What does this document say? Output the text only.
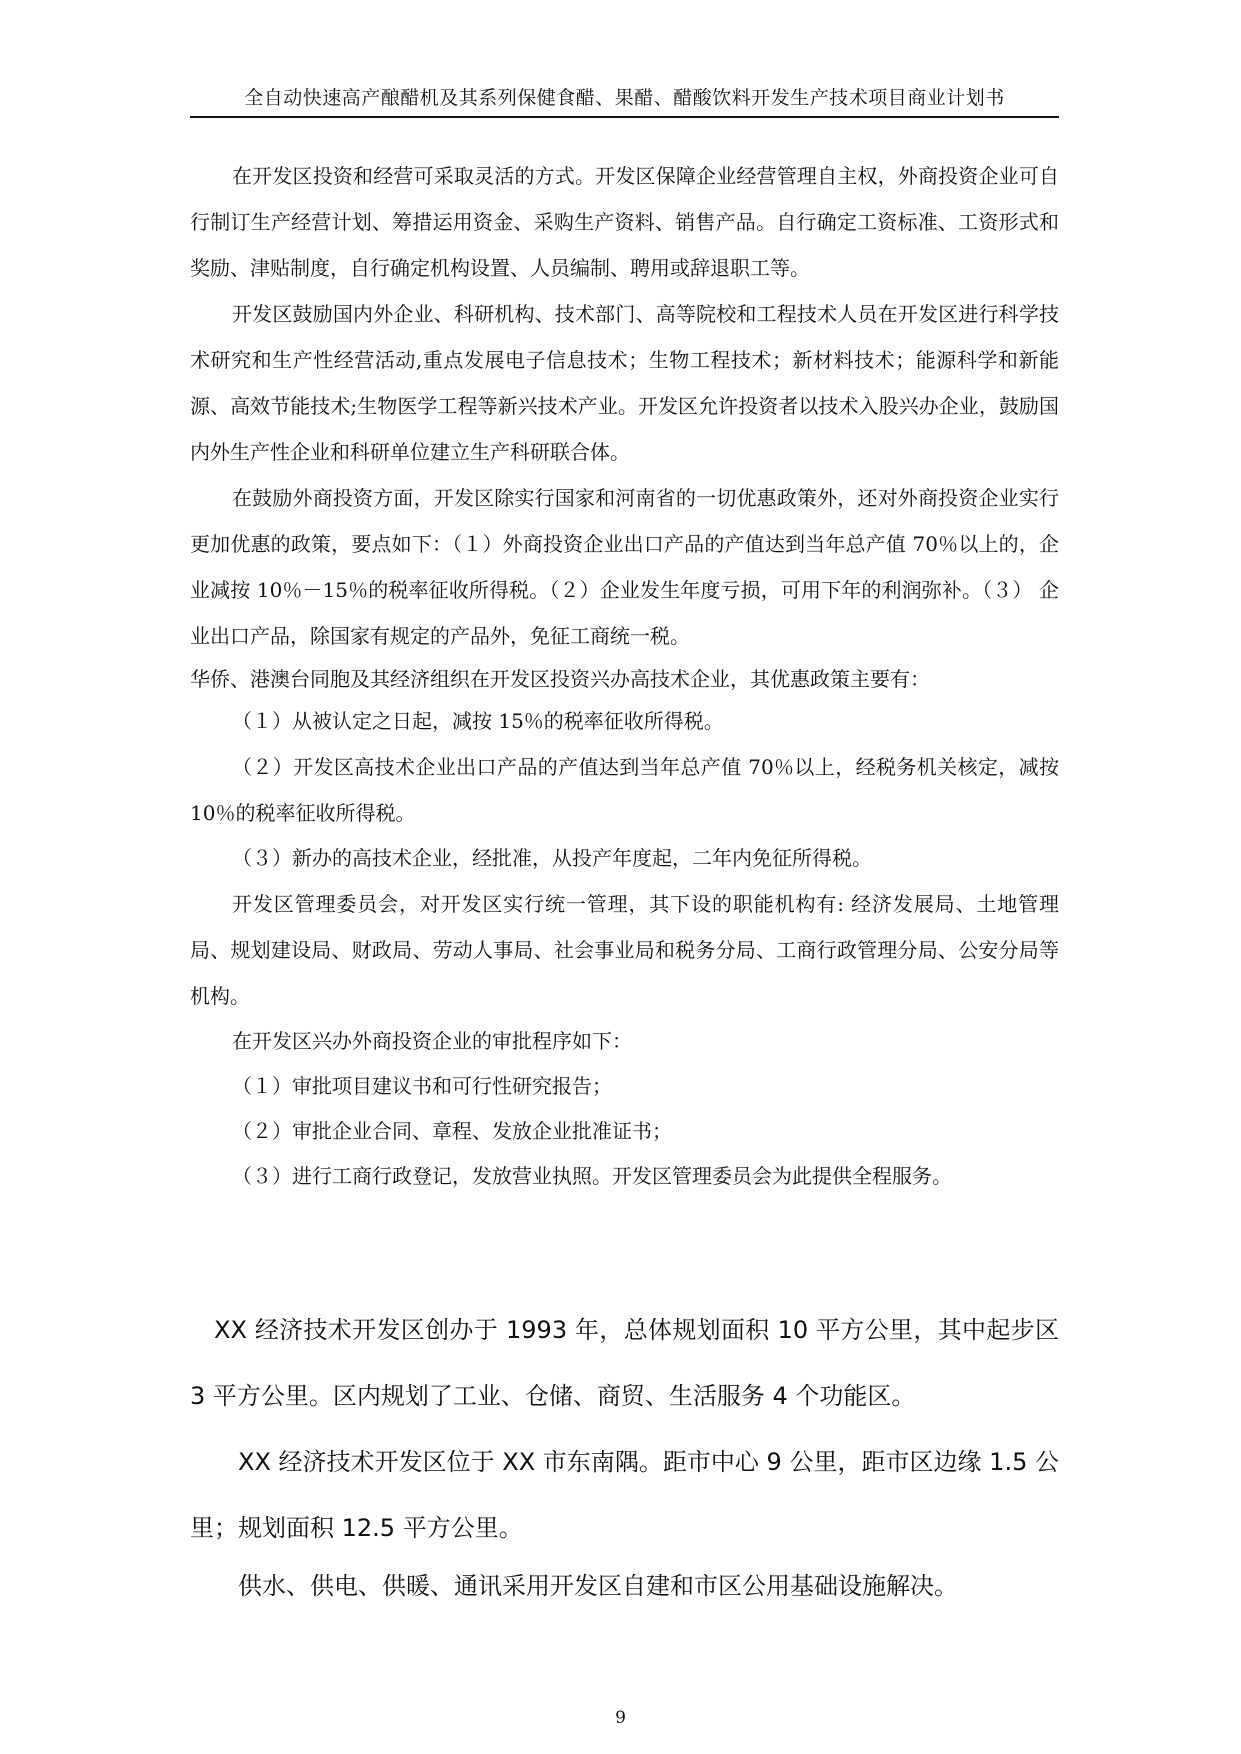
全自动快速高产酿醋机及其系列保健食醋、果醋、醋酸饮料开发生产技术项目商业计划书

在开发区投资和经营可采取灵活的方式。开发区保障企业经营管理自主权，外商投资企业可自行制订生产经营计划、筹措运用资金、采购生产资料、销售产品。自行确定工资标准、工资形式和奖励、津贴制度，自行确定机构设置、人员编制、聘用或辞退职工等。

开发区鼓励国内外企业、科研机构、技术部门、高等院校和工程技术人员在开发区进行科学技术研究和生产性经营活动,重点发展电子信息技术；生物工程技术；新材料技术；能源科学和新能源、高效节能技术;生物医学工程等新兴技术产业。开发区允许投资者以技术入股兴办企业，鼓励国内外生产性企业和科研单位建立生产科研联合体。

在鼓励外商投资方面，开发区除实行国家和河南省的一切优惠政策外，还对外商投资企业实行更加优惠的政策，要点如下：（１）外商投资企业出口产品的产值达到当年总产值 70％以上的，企业减按 10％－15％的税率征收所得税。（２）企业发生年度亏损，可用下年的利润弥补。（３） 企业出口产品，除国家有规定的产品外，免征工商统一税。

华侨、港澳台同胞及其经济组织在开发区投资兴办高技术企业，其优惠政策主要有：

（１）从被认定之日起，减按 15％的税率征收所得税。

（２）开发区高技术企业出口产品的产值达到当年总产值 70％以上，经税务机关核定，减按 10％的税率征收所得税。

（３）新办的高技术企业，经批准，从投产年度起，二年内免征所得税。

开发区管理委员会，对开发区实行统一管理，其下设的职能机构有: 经济发展局、土地管理局、规划建设局、财政局、劳动人事局、社会事业局和税务分局、工商行政管理分局、公安分局等机构。

在开发区兴办外商投资企业的审批程序如下：

（１）审批项目建议书和可行性研究报告；

（２）审批企业合同、章程、发放企业批准证书；

（３）进行工商行政登记，发放营业执照。开发区管理委员会为此提供全程服务。

XX 经济技术开发区创办于 1993 年，总体规划面积 10 平方公里，其中起步区 3 平方公里。区内规划了工业、仓储、商贸、生活服务 4 个功能区。

XX 经济技术开发区位于 XX 市东南隅。距市中心 9 公里，距市区边缘 1.5 公里；规划面积 12.5 平方公里。

供水、供电、供暖、通讯采用开发区自建和市区公用基础设施解决。

9
